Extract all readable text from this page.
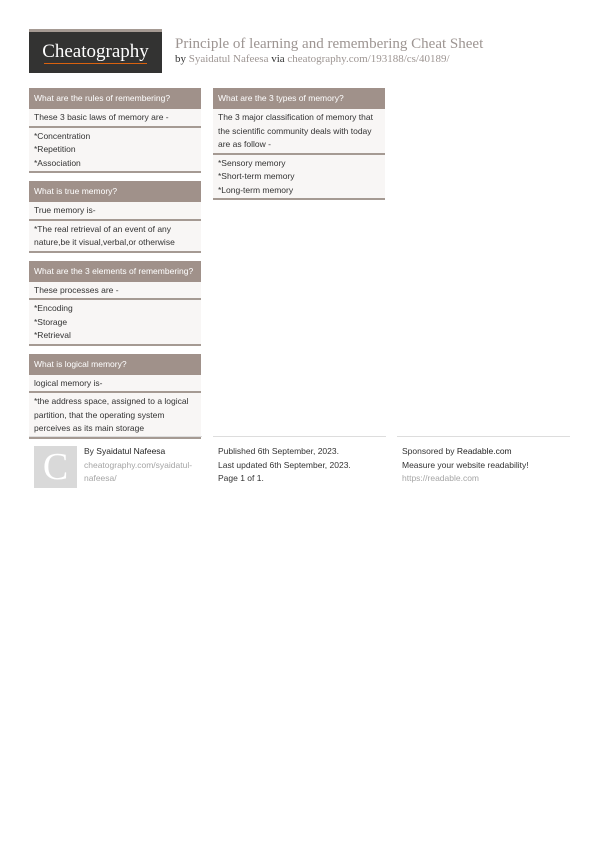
Cheatography	Principle of learning and remembering Cheat Sheet
by Syaidatul Nafeesa via cheatography.com/193188/cs/40189/
What are the rules of remembering?
These 3 basic laws of memory are -
*Concentration
*Repetition
*Association
What is true memory?
True memory is-
*The real retrieval of an event of any nature,be it visual,verbal,or otherwise
What are the 3 elements of remembering?
These processes are -
*Encoding
*Storage
*Retrieval
What is logical memory?
logical memory is-
*the address space, assigned to a logical partition, that the operating system perceives as its main storage
What are the 3 types of memory?
The 3 major classification of memory that the scientific community deals with today are as follow -
*Sensory memory
*Short-term memory
*Long-term memory
C	By Syaidatul Nafeesa
cheatography.com/syaidatul-nafeesa/
Published 6th September, 2023.
Last updated 6th September, 2023.
Page 1 of 1.
Sponsored by Readable.com
Measure your website readability!
https://readable.com
